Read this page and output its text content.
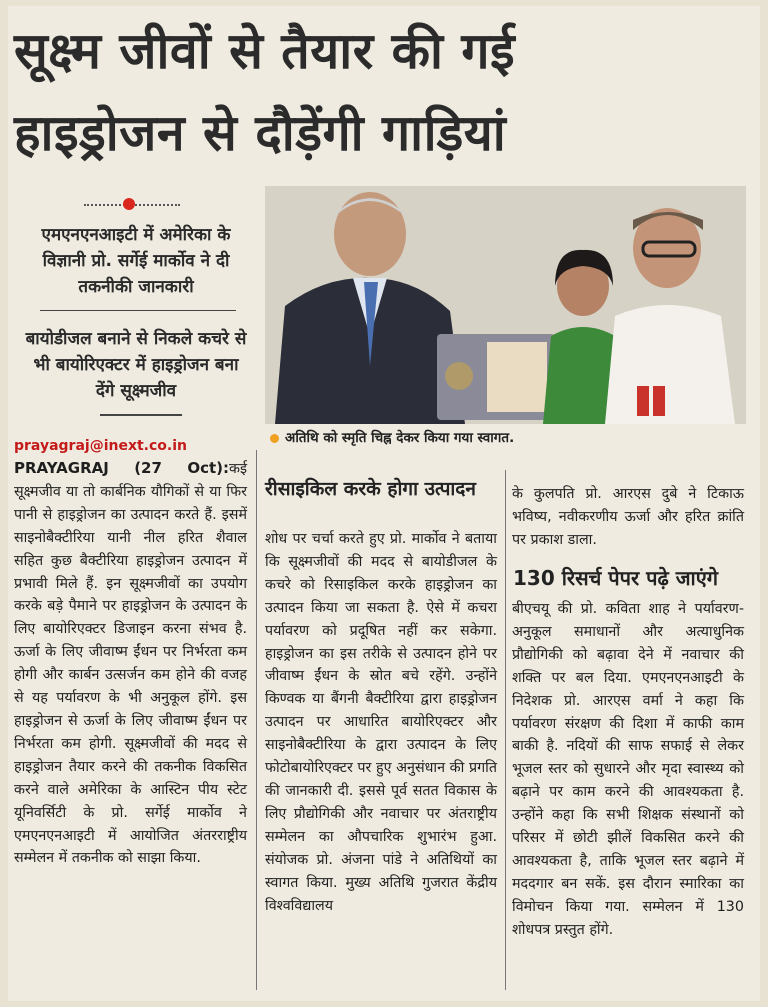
सूक्ष्म जीवों से तैयार की गई
हाइड्रोजन से दौड़ेंगी गाड़ियां
एमएनएनआइटी में अमेरिका के विज्ञानी प्रो. सर्गेई मार्कोव ने दी तकनीकी जानकारी
बायोडीजल बनाने से निकले कचरे से भी बायोरिएक्टर में हाइड्रोजन बना देंगे सूक्ष्मजीव
prayagraj@inext.co.in
PRAYAGRAJ (27 Oct):कई सूक्ष्मजीव या तो कार्बनिक यौगिकों से या फिर पानी से हाइड्रोजन का उत्पादन करते हैं. इसमें साइनोबैक्टीरिया यानी नील हरित शैवाल सहित कुछ बैक्टीरिया हाइड्रोजन उत्पादन में प्रभावी मिले हैं. इन सूक्ष्मजीवों का उपयोग करके बड़े पैमाने पर हाइड्रोजन के उत्पादन के लिए बायोरिएक्टर डिजाइन करना संभव है. ऊर्जा के लिए जीवाष्म ईंधन पर निर्भरता कम होगी और कार्बन उत्सर्जन कम होने की वजह से यह पर्यावरण के भी अनुकूल होंगे. इस हाइड्रोजन से ऊर्जा के लिए जीवाष्म ईंधन पर निर्भरता कम होगी. सूक्ष्मजीवों की मदद से हाइड्रोजन तैयार करने की तकनीक विकसित करने वाले अमेरिका के आस्टिन पीय स्टेट यूनिवर्सिटी के प्रो. सर्गेई मार्कोव ने एमएनएनआइटी में आयोजित अंतरराष्ट्रीय सम्मेलन में तकनीक को साझा किया.
अतिथि को स्मृति चिह्न देकर किया गया स्वागत.
रीसाइकिल करके होगा उत्पादन
शोध पर चर्चा करते हुए प्रो. मार्कोव ने बताया कि सूक्ष्मजीवों की मदद से बायोडीजल के कचरे को रिसाइकिल करके हाइड्रोजन का उत्पादन किया जा सकता है. ऐसे में कचरा पर्यावरण को प्रदूषित नहीं कर सकेगा. हाइड्रोजन का इस तरीके से उत्पादन होने पर जीवाष्म ईंधन के स्रोत बचे रहेंगे. उन्होंने किण्वक या बैंगनी बैक्टीरिया द्वारा हाइड्रोजन उत्पादन पर आधारित बायोरिएक्टर और साइनोबैक्टीरिया के द्वारा उत्पादन के लिए फोटोबायोरिएक्टर पर हुए अनुसंधान की प्रगति की जानकारी दी. इससे पूर्व सतत विकास के लिए प्रौद्योगिकी और नवाचार पर अंतराष्ट्रीय सम्मेलन का औपचारिक शुभारंभ हुआ. संयोजक प्रो. अंजना पांडे ने अतिथियों का स्वागत किया. मुख्य अतिथि गुजरात केंद्रीय विश्वविद्यालय
के कुलपति प्रो. आरएस दुबे ने टिकाऊ भविष्य, नवीकरणीय ऊर्जा और हरित क्रांति पर प्रकाश डाला.
130 रिसर्च पेपर पढ़े जाएंगे
बीएचयू की प्रो. कविता शाह ने पर्यावरण-अनुकूल समाधानों और अत्याधुनिक प्रौद्योगिकी को बढ़ावा देने में नवाचार की शक्ति पर बल दिया. एमएनएनआइटी के निदेशक प्रो. आरएस वर्मा ने कहा कि पर्यावरण संरक्षण की दिशा में काफी काम बाकी है. नदियों की साफ सफाई से लेकर भूजल स्तर को सुधारने और मृदा स्वास्थ्य को बढ़ाने पर काम करने की आवश्यकता है. उन्होंने कहा कि सभी शिक्षक संस्थानों को परिसर में छोटी झीलें विकसित करने की आवश्यकता है, ताकि भूजल स्तर बढ़ाने में मददगार बन सकें. इस दौरान स्मारिका का विमोचन किया गया. सम्मेलन में 130 शोधपत्र प्रस्तुत होंगे.
